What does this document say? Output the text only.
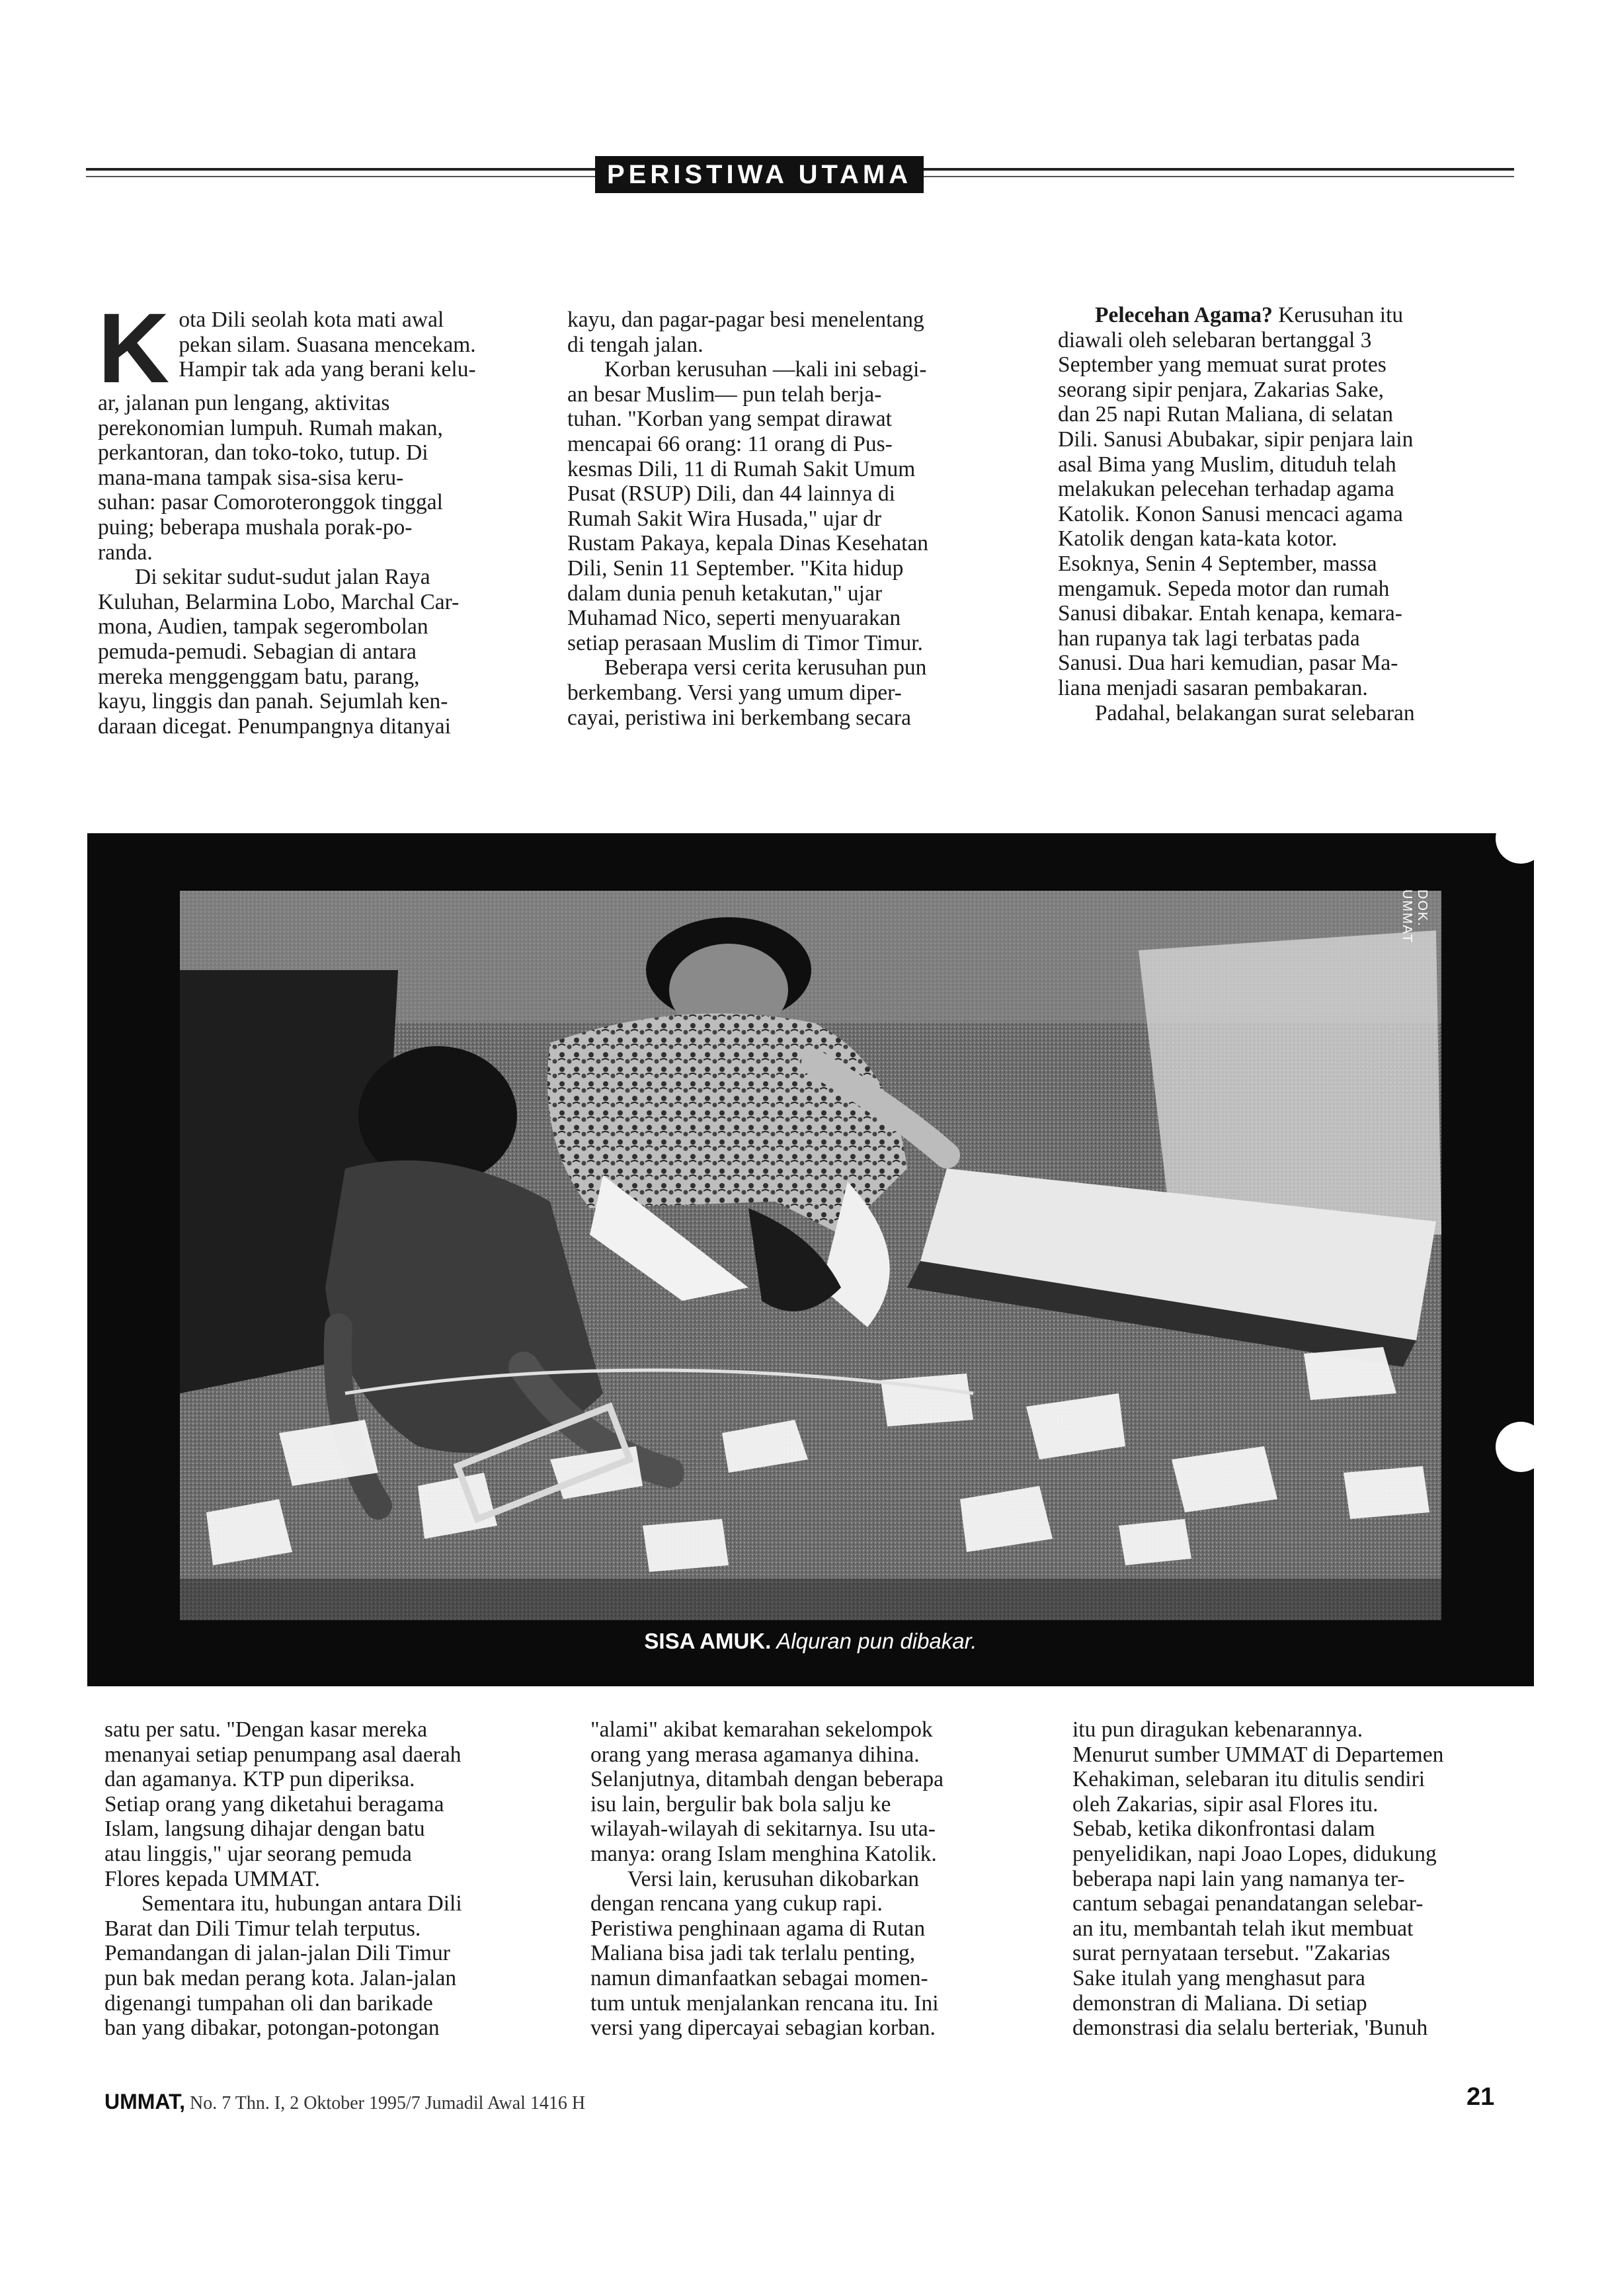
PERISTIWA UTAMA
K ota Dili seolah kota mati awal
pekan silam. Suasana mencekam.
Hampir tak ada yang berani kelu-
ar, jalanan pun lengang, aktivitas
perekonomian lumpuh. Rumah makan,
perkantoran, dan toko-toko, tutup. Di
mana-mana tampak sisa-sisa keru-
suhan: pasar Comoroteronggok tinggal
puing; beberapa mushala porak-po-
randa.
Di sekitar sudut-sudut jalan Raya
Kuluhan, Belarmina Lobo, Marchal Car-
mona, Audien, tampak segerombolan
pemuda-pemudi. Sebagian di antara
mereka menggenggam batu, parang,
kayu, linggis dan panah. Sejumlah ken-
daraan dicegat. Penumpangnya ditanyai
kayu, dan pagar-pagar besi menelentang
di tengah jalan.
Korban kerusuhan —kali ini sebagi-
an besar Muslim— pun telah berja-
tuhan. "Korban yang sempat dirawat
mencapai 66 orang: 11 orang di Pus-
kesmas Dili, 11 di Rumah Sakit Umum
Pusat (RSUP) Dili, dan 44 lainnya di
Rumah Sakit Wira Husada," ujar dr
Rustam Pakaya, kepala Dinas Kesehatan
Dili, Senin 11 September. "Kita hidup
dalam dunia penuh ketakutan," ujar
Muhamad Nico, seperti menyuarakan
setiap perasaan Muslim di Timor Timur.
Beberapa versi cerita kerusuhan pun
berkembang. Versi yang umum diper-
cayai, peristiwa ini berkembang secara
Pelecehan Agama? Kerusuhan itu
diawali oleh selebaran bertanggal 3
September yang memuat surat protes
seorang sipir penjara, Zakarias Sake,
dan 25 napi Rutan Maliana, di selatan
Dili. Sanusi Abubakar, sipir penjara lain
asal Bima yang Muslim, dituduh telah
melakukan pelecehan terhadap agama
Katolik. Konon Sanusi mencaci agama
Katolik dengan kata-kata kotor.
Esoknya, Senin 4 September, massa
mengamuk. Sepeda motor dan rumah
Sanusi dibakar. Entah kenapa, kemara-
han rupanya tak lagi terbatas pada
Sanusi. Dua hari kemudian, pasar Ma-
liana menjadi sasaran pembakaran.
Padahal, belakangan surat selebaran
DOK. UMMAT
SISA AMUK. Alquran pun dibakar.
satu per satu. "Dengan kasar mereka
menanyai setiap penumpang asal daerah
dan agamanya. KTP pun diperiksa.
Setiap orang yang diketahui beragama
Islam, langsung dihajar dengan batu
atau linggis," ujar seorang pemuda
Flores kepada UMMAT.
Sementara itu, hubungan antara Dili
Barat dan Dili Timur telah terputus.
Pemandangan di jalan-jalan Dili Timur
pun bak medan perang kota. Jalan-jalan
digenangi tumpahan oli dan barikade
ban yang dibakar, potongan-potongan
"alami" akibat kemarahan sekelompok
orang yang merasa agamanya dihina.
Selanjutnya, ditambah dengan beberapa
isu lain, bergulir bak bola salju ke
wilayah-wilayah di sekitarnya. Isu uta-
manya: orang Islam menghina Katolik.
Versi lain, kerusuhan dikobarkan
dengan rencana yang cukup rapi.
Peristiwa penghinaan agama di Rutan
Maliana bisa jadi tak terlalu penting,
namun dimanfaatkan sebagai momen-
tum untuk menjalankan rencana itu. Ini
versi yang dipercayai sebagian korban.
itu pun diragukan kebenarannya.
Menurut sumber UMMAT di Departemen
Kehakiman, selebaran itu ditulis sendiri
oleh Zakarias, sipir asal Flores itu.
Sebab, ketika dikonfrontasi dalam
penyelidikan, napi Joao Lopes, didukung
beberapa napi lain yang namanya ter-
cantum sebagai penandatangan selebar-
an itu, membantah telah ikut membuat
surat pernyataan tersebut. "Zakarias
Sake itulah yang menghasut para
demonstran di Maliana. Di setiap
demonstrasi dia selalu berteriak, 'Bunuh
UMMAT, No. 7 Thn. I, 2 Oktober 1995/7 Jumadil Awal 1416 H	21
